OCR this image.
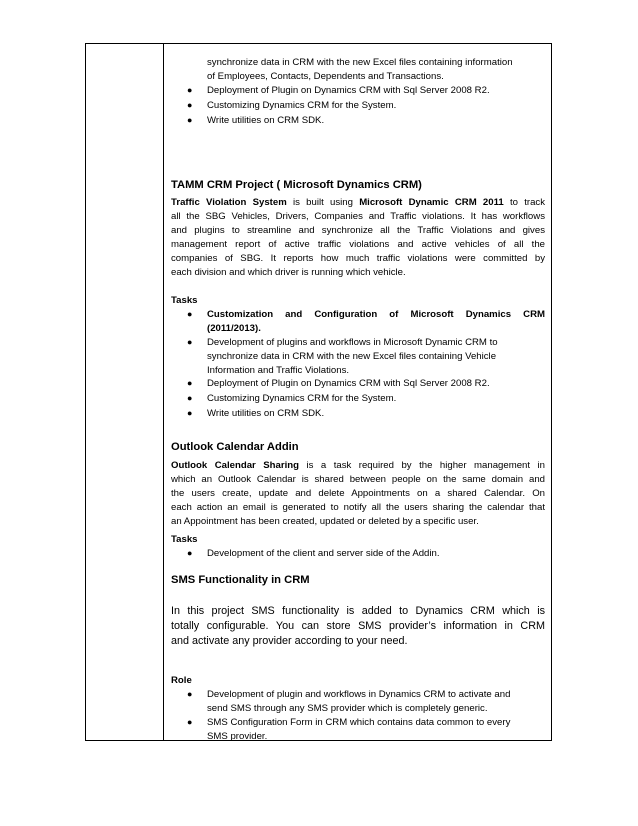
synchronize data in CRM with the new Excel files containing information
of Employees, Contacts, Dependents and Transactions.
● Deployment of Plugin on Dynamics CRM with Sql Server 2008 R2.
● Customizing Dynamics CRM for the System.
● Write utilities on CRM SDK.
TAMM CRM Project ( Microsoft Dynamics CRM)
Traffic Violation System is built using Microsoft Dynamic CRM 2011 to track
all the SBG Vehicles, Drivers, Companies and Traffic violations. It has workflows
and plugins to streamline and synchronize all the Traffic Violations and gives
management report of active traffic violations and active vehicles of all the
companies of SBG. It reports how much traffic violations were committed by
each division and which driver is running which vehicle.
Tasks
● Customization and Configuration of Microsoft Dynamics CRM
(2011/2013).
● Development of plugins and workflows in Microsoft Dynamic CRM to
synchronize data in CRM with the new Excel files containing Vehicle
Information and Traffic Violations.
● Deployment of Plugin on Dynamics CRM with Sql Server 2008 R2.
● Customizing Dynamics CRM for the System.
● Write utilities on CRM SDK.
Outlook Calendar Addin
Outlook Calendar Sharing is a task required by the higher management in
which an Outlook Calendar is shared between people on the same domain and
the users create, update and delete Appointments on a shared Calendar. On
each action an email is generated to notify all the users sharing the calendar that
an Appointment has been created, updated or deleted by a specific user.
Tasks
● Development of the client and server side of the Addin.
SMS Functionality in CRM
In this project SMS functionality is added to Dynamics CRM which is
totally configurable. You can store SMS provider’s information in CRM
and activate any provider according to your need.
Role
● Development of plugin and workflows in Dynamics CRM to activate and
send SMS through any SMS provider which is completely generic.
● SMS Configuration Form in CRM which contains data common to every
SMS provider.
